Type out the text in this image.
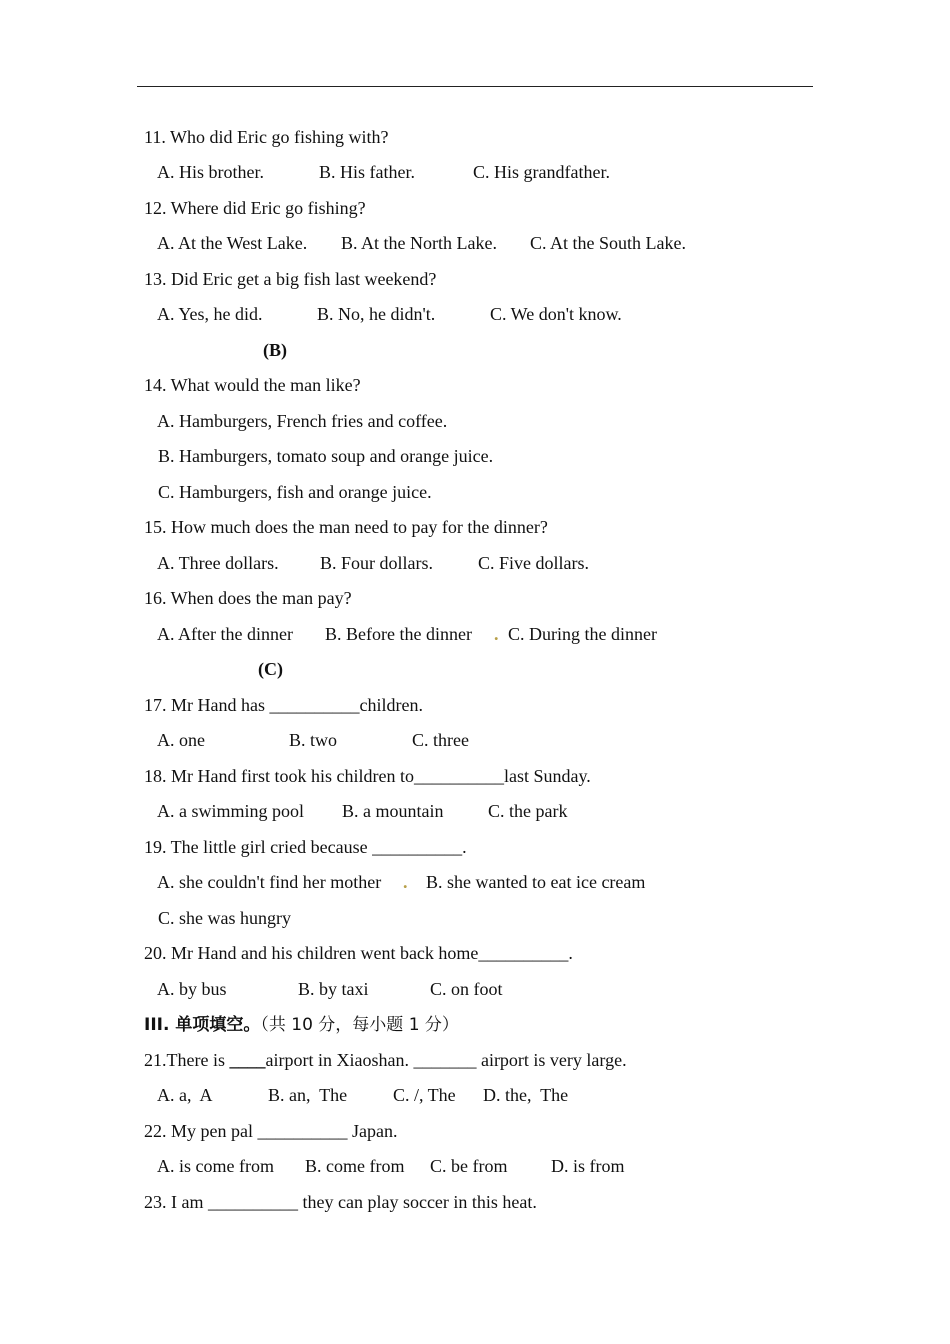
11. Who did Eric go fishing with?
A. His brother.	B. His father.	C. His grandfather.
12. Where did Eric go fishing?
A. At the West Lake. B. At the North Lake. C. At the South Lake.
13. Did Eric get a big fish last weekend?
A. Yes, he did.	B. No, he didn't.	C. We don't know.
(B)
14. What would the man like?
A. Hamburgers, French fries and coffee.
B. Hamburgers, tomato soup and orange juice.
C. Hamburgers, fish and orange juice.
15. How much does the man need to pay for the dinner?
A. Three dollars. B. Four dollars. C. Five dollars.
16. When does the man pay?
A. After the dinner B. Before the dinner . C. During the dinner
(C)
17. Mr Hand has __________children.
A. one	B. two	C. three
18. Mr Hand first took his children to__________last Sunday.
A. a swimming pool B. a mountain C. the park
19. The little girl cried because __________.
A. she couldn't find her mother . B. she wanted to eat ice cream
C. she was hungry
20. Mr Hand and his children went back home__________.
A. by bus	B. by taxi	C. on foot
III. 单项填空。（共 10 分，每小题 1 分）
21.There is ____airport in Xiaoshan. _______ airport is very large.
A. a,  A	B. an,  The	C. /, The D. the,  The
22. My pen pal __________ Japan.
A. is come from B. come from C. be from D. is from
23. I am __________ they can play soccer in this heat.
